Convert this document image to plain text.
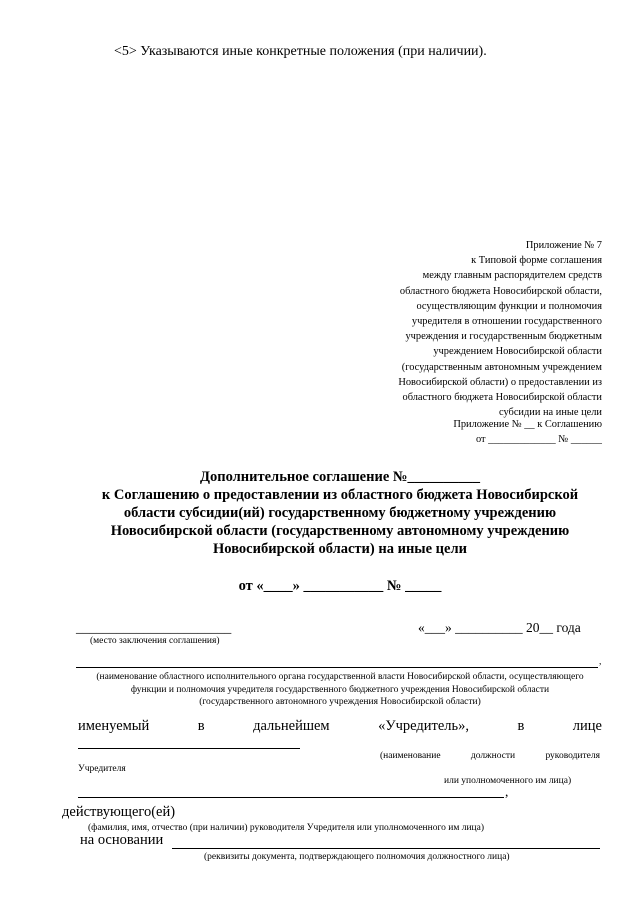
<5> Указываются иные конкретные положения (при наличии).
Приложение № 7
к Типовой форме соглашения
между главным распорядителем средств
областного бюджета Новосибирской области,
осуществляющим функции и полномочия
учредителя в отношении государственного
учреждения и государственным бюджетным
учреждением Новосибирской области
(государственным автономным учреждением
Новосибирской области) о предоставлении из
областного бюджета Новосибирской области
субсидии на иные цели
Приложение № __ к Соглашению
от _____________ № ______
Дополнительное соглашение №__________
к Соглашению о предоставлении из областного бюджета Новосибирской
области субсидии(ий) государственному бюджетному учреждению
Новосибирской области (государственному автономному учреждению
Новосибирской области) на иные цели
от «____» ___________ № _____
_______________________
(место заключения соглашения)
«___» __________ 20__ года
,
(наименование областного исполнительного органа государственной власти Новосибирской области, осуществляющего
функции и полномочия учредителя государственного бюджетного учреждения Новосибирской области
(государственного автономного учреждения Новосибирской области)
именуемый	в	дальнейшем	«Учредитель»,	в	лице
(наименование	должности	руководителя
Учредителя
или уполномоченного им лица)
,
действующего(ей)
(фамилия, имя, отчество (при наличии) руководителя Учредителя или уполномоченного им лица)
на основании
(реквизиты документа, подтверждающего полномочия должностного лица)
